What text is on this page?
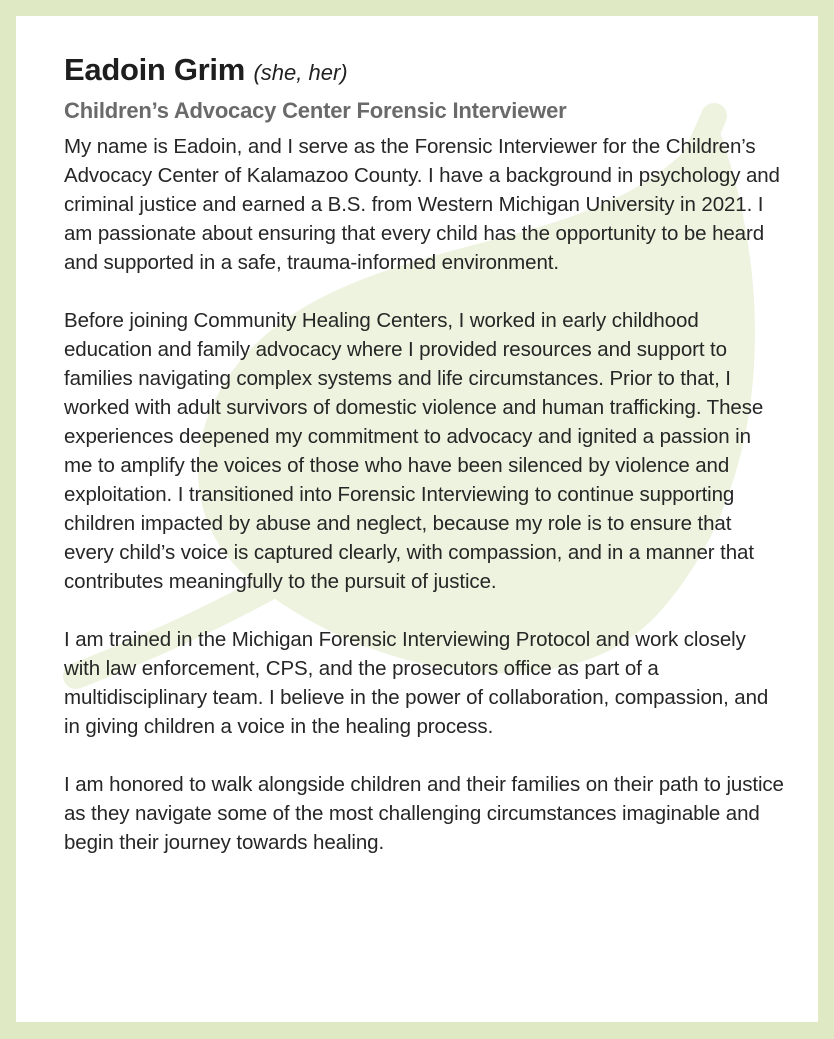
Eadoin Grim (she, her)

Children’s Advocacy Center Forensic Interviewer

My name is Eadoin, and I serve as the Forensic Interviewer for the Children’s Advocacy Center of Kalamazoo County. I have a background in psychology and criminal justice and earned a B.S. from Western Michigan University in 2021. I am passionate about ensuring that every child has the opportunity to be heard and supported in a safe, trauma-informed environment.

Before joining Community Healing Centers, I worked in early childhood education and family advocacy where I provided resources and support to families navigating complex systems and life circumstances. Prior to that, I worked with adult survivors of domestic violence and human trafficking. These experiences deepened my commitment to advocacy and ignited a passion in me to amplify the voices of those who have been silenced by violence and exploitation. I transitioned into Forensic Interviewing to continue supporting children impacted by abuse and neglect, because my role is to ensure that every child’s voice is captured clearly, with compassion, and in a manner that contributes meaningfully to the pursuit of justice.

I am trained in the Michigan Forensic Interviewing Protocol and work closely with law enforcement, CPS, and the prosecutors office as part of a multidisciplinary team. I believe in the power of collaboration, compassion, and in giving children a voice in the healing process.

I am honored to walk alongside children and their families on their path to justice as they navigate some of the most challenging circumstances imaginable and begin their journey towards healing.
